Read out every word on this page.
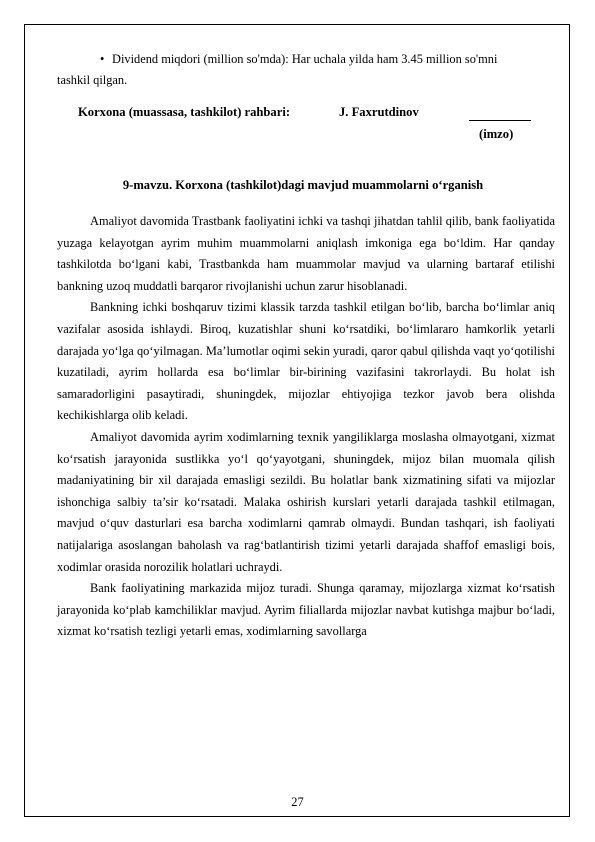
• Dividend miqdori (million so'mda): Har uchala yilda ham 3.45 million so'mni
tashkil qilgan.
Korxona (muassasa, tashkilot) rahbari:	J. Faxrutdinov
(imzo)
9-mavzu. Korxona (tashkilot)dagi mavjud muammolarni o‘rganish

Amaliyot davomida Trastbank faoliyatini ichki va tashqi jihatdan tahlil qilib, bank faoliyatida yuzaga kelayotgan ayrim muhim muammolarni aniqlash imkoniga ega bo‘ldim. Har qanday tashkilotda bo‘lgani kabi, Trastbankda ham muammolar mavjud va ularning bartaraf etilishi bankning uzoq muddatli barqaror rivojlanishi uchun zarur hisoblanadi.

Bankning ichki boshqaruv tizimi klassik tarzda tashkil etilgan bo‘lib, barcha bo‘limlar aniq vazifalar asosida ishlaydi. Biroq, kuzatishlar shuni ko‘rsatdiki, bo‘limlararo hamkorlik yetarli darajada yo‘lga qo‘yilmagan. Ma’lumotlar oqimi sekin yuradi, qaror qabul qilishda vaqt yo‘qotilishi kuzatiladi, ayrim hollarda esa bo‘limlar bir-birining vazifasini takrorlaydi. Bu holat ish samaradorligini pasaytiradi, shuningdek, mijozlar ehtiyojiga tezkor javob bera olishda kechikishlarga olib keladi.

Amaliyot davomida ayrim xodimlarning texnik yangiliklarga moslasha olmayotgani, xizmat ko‘rsatish jarayonida sustlikka yo‘l qo‘yayotgani, shuningdek, mijoz bilan muomala qilish madaniyatining bir xil darajada emasligi sezildi. Bu holatlar bank xizmatining sifati va mijozlar ishonchiga salbiy ta’sir ko‘rsatadi. Malaka oshirish kurslari yetarli darajada tashkil etilmagan, mavjud o‘quv dasturlari esa barcha xodimlarni qamrab olmaydi. Bundan tashqari, ish faoliyati natijalariga asoslangan baholash va rag‘batlantirish tizimi yetarli darajada shaffof emasligi bois, xodimlar orasida norozilik holatlari uchraydi.

Bank faoliyatining markazida mijoz turadi. Shunga qaramay, mijozlarga xizmat ko‘rsatish jarayonida ko‘plab kamchiliklar mavjud. Ayrim filiallarda mijozlar navbat kutishga majbur bo‘ladi, xizmat ko‘rsatish tezligi yetarli emas, xodimlarning savollarga

27
